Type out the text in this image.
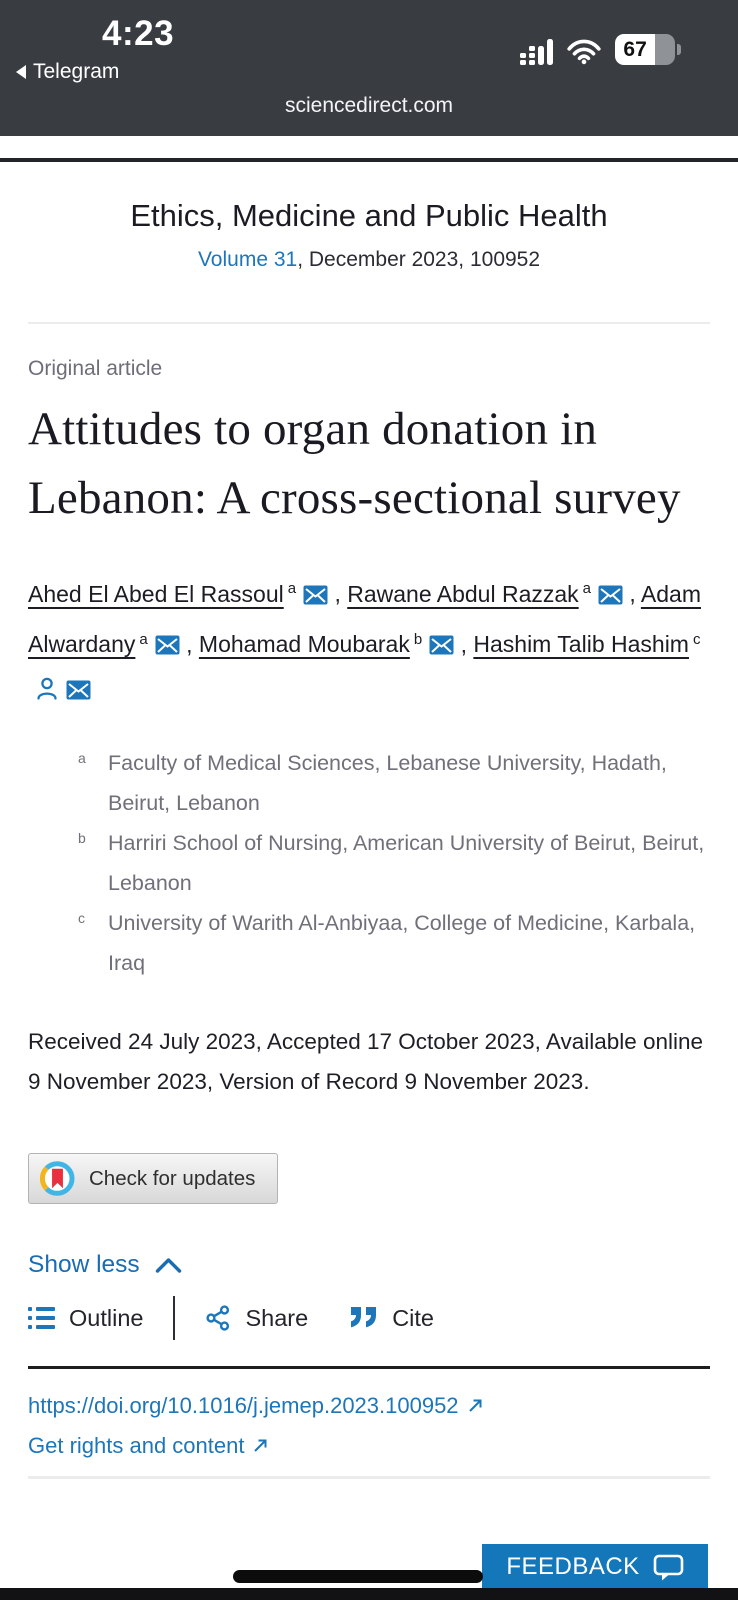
4:23
Telegram
67
sciencedirect.com
Ethics, Medicine and Public Health

Volume 31, December 2023, 100952

Original article

Attitudes to organ donation in Lebanon: A cross-sectional survey
Ahed El Abed El Rassoul $^a$ , Rawane Abdul Razzak $^a$ , Adam Alwardany $^a$ , Mohamad Moubarak $^b$ , Hashim Talib Hashim $^c$
a	Faculty of Medical Sciences, Lebanese University, Hadath, Beirut, Lebanon
b	Harriri School of Nursing, American University of Beirut, Beirut, Lebanon
c	University of Warith Al-Anbiyaa, College of Medicine, Karbala, Iraq

Received 24 July 2023, Accepted 17 October 2023, Available online 9 November 2023, Version of Record 9 November 2023.

Check for updates
Show less
Outline	Share	Cite
https://doi.org/10.1016/j.jemep.2023.100952
Get rights and content
FEEDBACK
